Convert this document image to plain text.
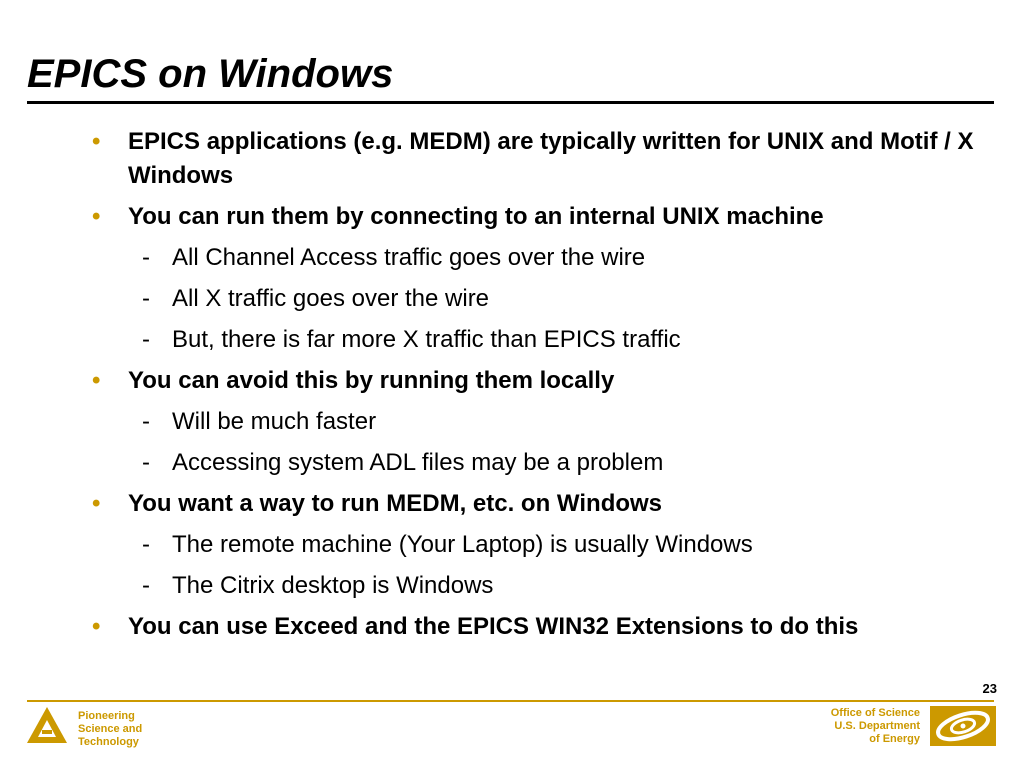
EPICS on Windows
• EPICS applications (e.g. MEDM) are typically written for UNIX and Motif / X Windows
• You can run them by connecting to an internal UNIX machine
- All Channel Access traffic goes over the wire
- All X traffic goes over the wire
- But, there is far more X traffic than EPICS traffic
• You can avoid this by running them locally
- Will be much faster
- Accessing system ADL files may be a problem
• You want a way to run MEDM, etc. on Windows
- The remote machine (Your Laptop) is usually Windows
- The Citrix desktop is Windows
• You can use Exceed and the EPICS WIN32 Extensions to do this
23
Pioneering
Science and
Technology
Office of Science
U.S. Department
of Energy
